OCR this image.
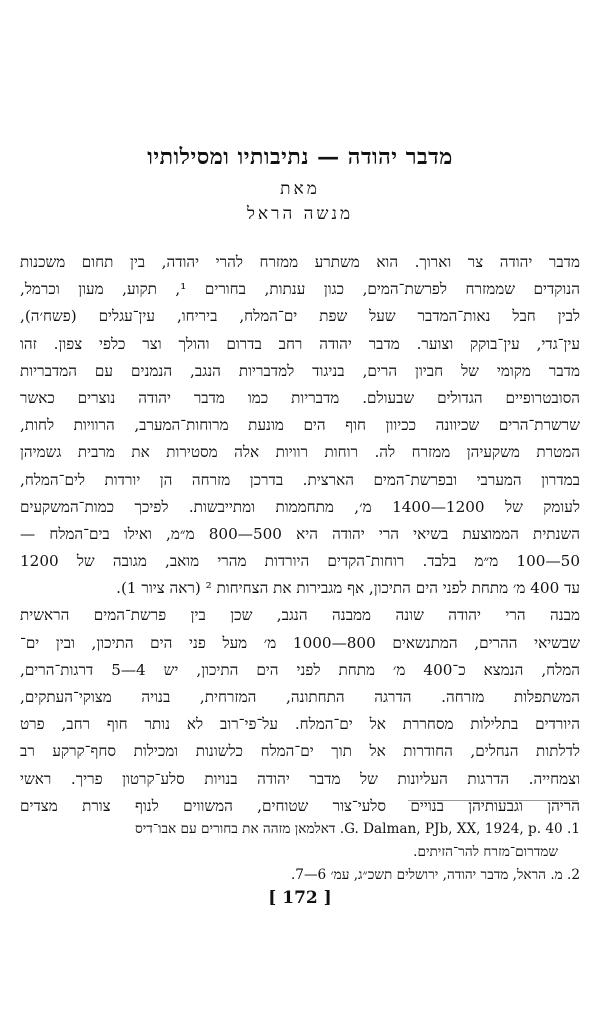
מדבר יהודה — נתיבותיו ומסילותיו
מאת
מנשה הראל
מדבר יהודה צר וארוך. הוא משתרע ממזרח להרי יהודה, בין תחום משכנות
הנוקדים שממזרח לפרשת־המים, כגון ענתות, בחורים ¹, תקוע, מעון וכרמל,
לבין חבל נאות־המדבר שעל שפת ים־המלח, ביריחו, עין־עגלים (פשח׳ה),
עין־גדי, עין־בוקק וצוער. מדבר יהודה רחב בדרום והולך וצר כלפי צפון. זהו
מדבר מקומי של חביון הרים, בניגוד למדבריות הנגב, הנמנים עם המדבריות
הסובטרופיים הגדולים שבעולם. מדבריות כמו מדבר יהודה נוצרים כאשר
שרשרת־הרים שכיוונה ככיוון חוף הים מונעת מרוחות־המערב, הרוויות לחות,
המטרת משקעיהן ממזרח לה. רוחות רוויות אלה מסטירות את מרבית גשמיהן
במדרון המערבי ובפרשת־המים הארצית. בדרכן מזרחה הן יורדות לים־המלח,
לעומק של 1200—1400 מ׳, מתחממות ומתייבשות. לפיכך כמות־המשקעים
השנתית הממוצעת בשיאי הרי יהודה היא 500—800 מ״מ, ואילו בים־המלח —
50—100 מ״מ בלבד. רוחות־הקדים היורדות מהרי מואב, מגובה של 1200
עד 400 מ׳ מתחת לפני הים התיכון, אף מגבירות את הצחיחות ² (ראה ציור 1).
מבנה הרי יהודה שונה ממבנה הנגב, שכן בין פרשת־המים הראשית
שבשיאי ההרים, המתנשאים 800—1000 מ׳ מעל פני הים התיכון, ובין ים־
המלח, הנמצא כ־400 מ׳ מתחת לפני הים התיכון, יש 4—5 דרגות־הרים,
המשתפלות מזרחה. הדרגה התחתונה, המזרחית, בנויה מצוקי־העתקים,
היורדים בתלילות מסחררת אל ים־המלח. על־פי־רוב לא נותר חוף רחב, פרט
לדלתות הנחלים, החודרות אל תוך ים־המלח כלשונות ומכילות סחף־קרקע רב
וצמחייה. הדרגות העליונות של מדבר יהודה בנויות סלע־קרטון פריך. ראשי
הריהן וגבעותיהן בנויים סלעי־צור שטוחים, המשווים לנוף צורת מצדים
1. G. Dalman, PJb, XX, 1924, p. 40. דאלמאן מזהה את בחורים עם אבו־דיס
שמדרום־מזרח להר־הזיתים.
2. מ. הראל, מדבר יהודה, ירושלים תשכ״ג, עמ׳ 6—7.
[ 172 ]
